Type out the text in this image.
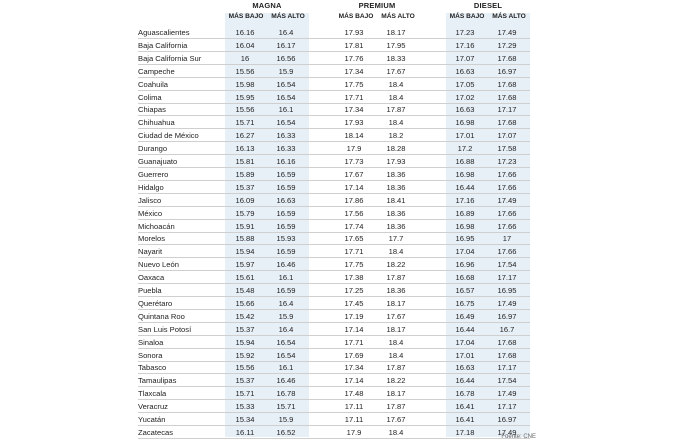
MAGNA	PREMIUM	DIESEL
MÁS BAJO	MÁS ALTO	MÁS BAJO	MÁS ALTO	MÁS BAJO	MÁS ALTO
Aguascalientes	16.16	16.4	17.93	18.17	17.23	17.49
Baja California	16.04	16.17	17.81	17.95	17.16	17.29
Baja California Sur	16	16.56	17.76	18.33	17.07	17.68
Campeche	15.56	15.9	17.34	17.67	16.63	16.97
Coahuila	15.98	16.54	17.75	18.4	17.05	17.68
Colima	15.95	16.54	17.71	18.4	17.02	17.68
Chiapas	15.56	16.1	17.34	17.87	16.63	17.17
Chihuahua	15.71	16.54	17.93	18.4	16.98	17.68
Ciudad de México	16.27	16.33	18.14	18.2	17.01	17.07
Durango	16.13	16.33	17.9	18.28	17.2	17.58
Guanajuato	15.81	16.16	17.73	17.93	16.88	17.23
Guerrero	15.89	16.59	17.67	18.36	16.98	17.66
Hidalgo	15.37	16.59	17.14	18.36	16.44	17.66
Jalisco	16.09	16.63	17.86	18.41	17.16	17.49
México	15.79	16.59	17.56	18.36	16.89	17.66
Michoacán	15.91	16.59	17.74	18.36	16.98	17.66
Morelos	15.88	15.93	17.65	17.7	16.95	17
Nayarit	15.94	16.59	17.71	18.4	17.04	17.66
Nuevo León	15.97	16.46	17.75	18.22	16.96	17.54
Oaxaca	15.61	16.1	17.38	17.87	16.68	17.17
Puebla	15.48	16.59	17.25	18.36	16.57	16.95
Querétaro	15.66	16.4	17.45	18.17	16.75	17.49
Quintana Roo	15.42	15.9	17.19	17.67	16.49	16.97
San Luis Potosí	15.37	16.4	17.14	18.17	16.44	16.7
Sinaloa	15.94	16.54	17.71	18.4	17.04	17.68
Sonora	15.92	16.54	17.69	18.4	17.01	17.68
Tabasco	15.56	16.1	17.34	17.87	16.63	17.17
Tamaulipas	15.37	16.46	17.14	18.22	16.44	17.54
Tlaxcala	15.71	16.78	17.48	18.17	16.78	17.49
Veracruz	15.33	15.71	17.11	17.87	16.41	17.17
Yucatán	15.34	15.9	17.11	17.67	16.41	16.97
Zacatecas	16.11	16.52	17.9	18.4	17.18	17.49
Fuente: CNE
